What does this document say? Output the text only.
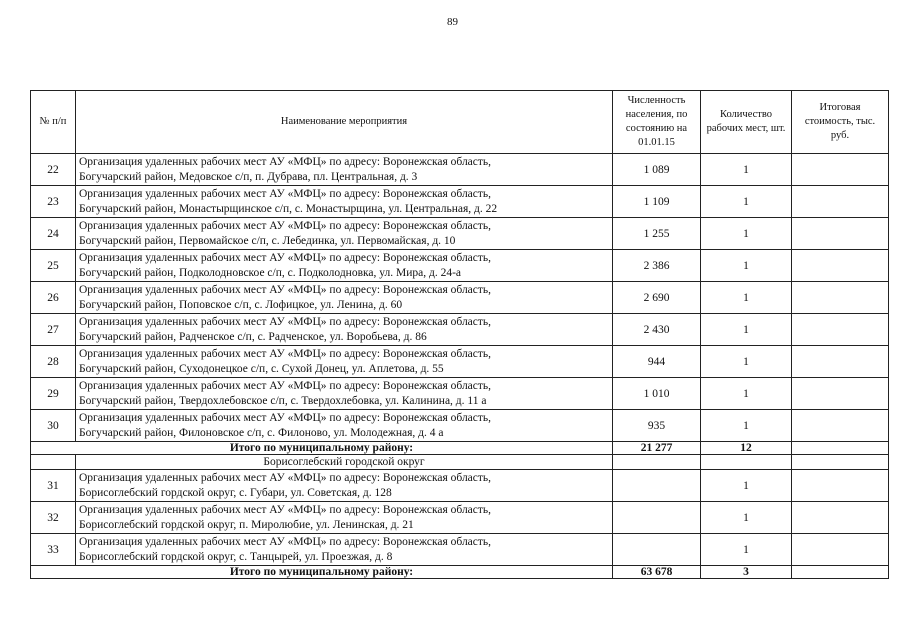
89
№ п/п	Наименование мероприятия	Численность населения, по состоянию на 01.01.15	Количество рабочих мест, шт.	Итоговая стоимость, тыс. руб.
22	Организация удаленных рабочих мест АУ «МФЦ» по адресу: Воронежская область,
Богучарский район, Медовское с/п, п. Дубрава, пл. Центральная, д. 3	1 089	1	
23	Организация удаленных рабочих мест АУ «МФЦ» по адресу: Воронежская область,
Богучарский район, Монастырщинское с/п, с. Монастырщина, ул. Центральная, д. 22	1 109	1	
24	Организация удаленных рабочих мест АУ «МФЦ» по адресу: Воронежская область,
Богучарский район, Первомайское с/п, с. Лебединка, ул. Первомайская, д. 10	1 255	1	
25	Организация удаленных рабочих мест АУ «МФЦ» по адресу: Воронежская область,
Богучарский район, Подколодновское с/п, с. Подколодновка, ул. Мира, д. 24-а	2 386	1	
26	Организация удаленных рабочих мест АУ «МФЦ» по адресу: Воронежская область,
Богучарский район, Поповское с/п, с. Лофицкое, ул. Ленина, д. 60	2 690	1	
27	Организация удаленных рабочих мест АУ «МФЦ» по адресу: Воронежская область,
Богучарский район, Радченское с/п, с. Радченское, ул. Воробьева, д. 86	2 430	1	
28	Организация удаленных рабочих мест АУ «МФЦ» по адресу: Воронежская область,
Богучарский район, Суходонецкое с/п, с. Сухой Донец, ул. Аплетова, д. 55	944	1	
29	Организация удаленных рабочих мест АУ «МФЦ» по адресу: Воронежская область,
Богучарский район, Твердохлебовское с/п, с. Твердохлебовка, ул. Калинина, д. 11 а	1 010	1	
30	Организация удаленных рабочих мест АУ «МФЦ» по адресу: Воронежская область,
Богучарский район, Филоновское с/п, с. Филоново, ул. Молодежная, д. 4 а	935	1	
Итого по муниципальному району:		21 277	12	
	Борисоглебский городской округ			
31	Организация удаленных рабочих мест АУ «МФЦ» по адресу: Воронежская область,
Борисоглебский гордской округ, с. Губари, ул. Советская, д. 128		1	
32	Организация удаленных рабочих мест АУ «МФЦ» по адресу: Воронежская область,
Борисоглебский гордской округ, п. Миролюбие, ул. Ленинская, д. 21		1	
33	Организация удаленных рабочих мест АУ «МФЦ» по адресу: Воронежская область,
Борисоглебский гордской округ, с. Танцырей, ул. Проезжая, д. 8		1	
Итого по муниципальному району:		63 678	3	
